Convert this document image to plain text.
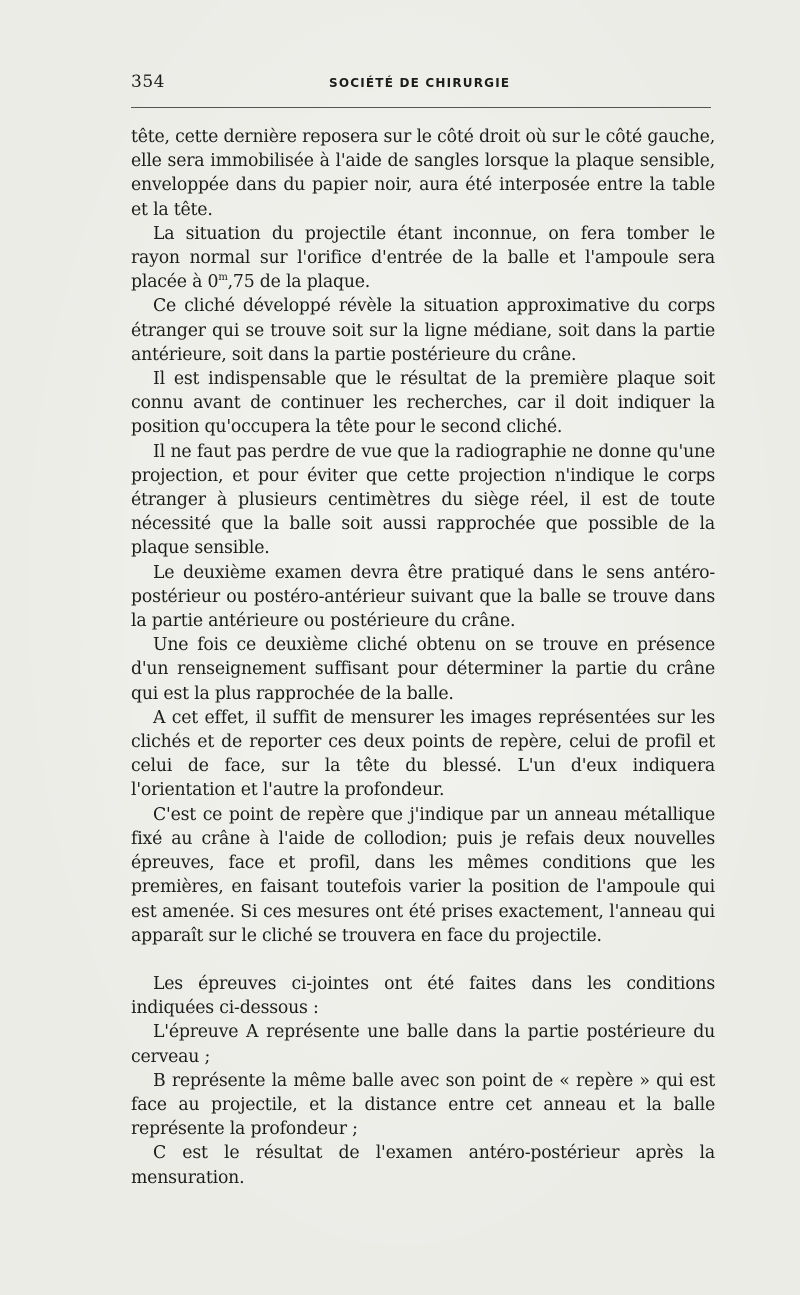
354	SOCIÉTÉ DE CHIRURGIE

tête, cette dernière reposera sur le côté droit où sur le côté gauche, elle sera immobilisée à l'aide de sangles lorsque la plaque sensible, enveloppée dans du papier noir, aura été interposée entre la table et la tête.

La situation du projectile étant inconnue, on fera tomber le rayon normal sur l'orifice d'entrée de la balle et l'ampoule sera placée à 0$^m$,75 de la plaque.

Ce cliché développé révèle la situation approximative du corps étranger qui se trouve soit sur la ligne médiane, soit dans la partie antérieure, soit dans la partie postérieure du crâne.

Il est indispensable que le résultat de la première plaque soit connu avant de continuer les recherches, car il doit indiquer la position qu'occupera la tête pour le second cliché.

Il ne faut pas perdre de vue que la radiographie ne donne qu'une projection, et pour éviter que cette projection n'indique le corps étranger à plusieurs centimètres du siège réel, il est de toute nécessité que la balle soit aussi rapprochée que possible de la plaque sensible.

Le deuxième examen devra être pratiqué dans le sens antéro-postérieur ou postéro-antérieur suivant que la balle se trouve dans la partie antérieure ou postérieure du crâne.

Une fois ce deuxième cliché obtenu on se trouve en présence d'un renseignement suffisant pour déterminer la partie du crâne qui est la plus rapprochée de la balle.

A cet effet, il suffit de mensurer les images représentées sur les clichés et de reporter ces deux points de repère, celui de profil et celui de face, sur la tête du blessé. L'un d'eux indiquera l'orientation et l'autre la profondeur.

C'est ce point de repère que j'indique par un anneau métallique fixé au crâne à l'aide de collodion; puis je refais deux nouvelles épreuves, face et profil, dans les mêmes conditions que les premières, en faisant toutefois varier la position de l'ampoule qui est amenée. Si ces mesures ont été prises exactement, l'anneau qui apparaît sur le cliché se trouvera en face du projectile.

Les épreuves ci-jointes ont été faites dans les conditions indiquées ci-dessous :

L'épreuve A représente une balle dans la partie postérieure du cerveau ;

B représente la même balle avec son point de « repère » qui est face au projectile, et la distance entre cet anneau et la balle représente la profondeur ;

C est le résultat de l'examen antéro-postérieur après la mensuration.
